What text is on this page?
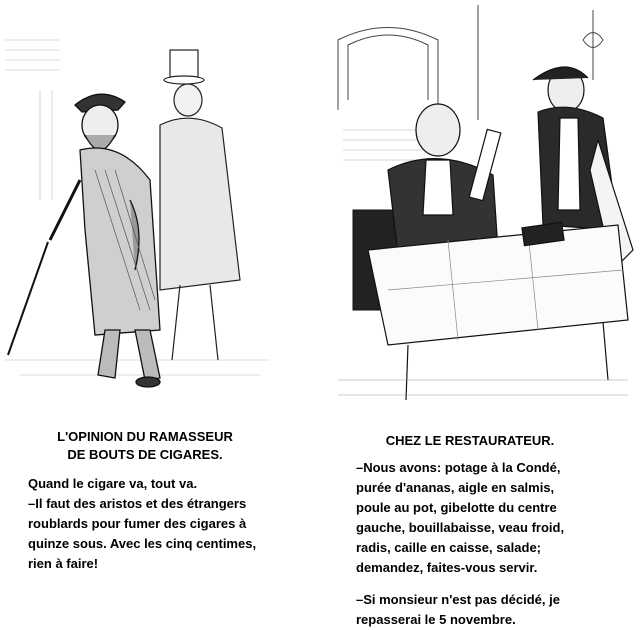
L'OPINION DU RAMASSEUR
DE BOUTS DE CIGARES.

Quand le cigare va, tout va.

–Il faut des aristos et des étrangers

roublards pour fumer des cigares à

quinze sous. Avec les cinq centimes,

rien à faire!

CHEZ LE RESTAURATEUR.

–Nous avons: potage à la Condé,

purée d'ananas, aigle en salmis,

poule au pot, gibelotte du centre

gauche, bouillabaisse, veau froid,

radis, caille en caisse, salade;

demandez, faites-vous servir.

–Si monsieur n'est pas décidé, je

repasserai le 5 novembre.
